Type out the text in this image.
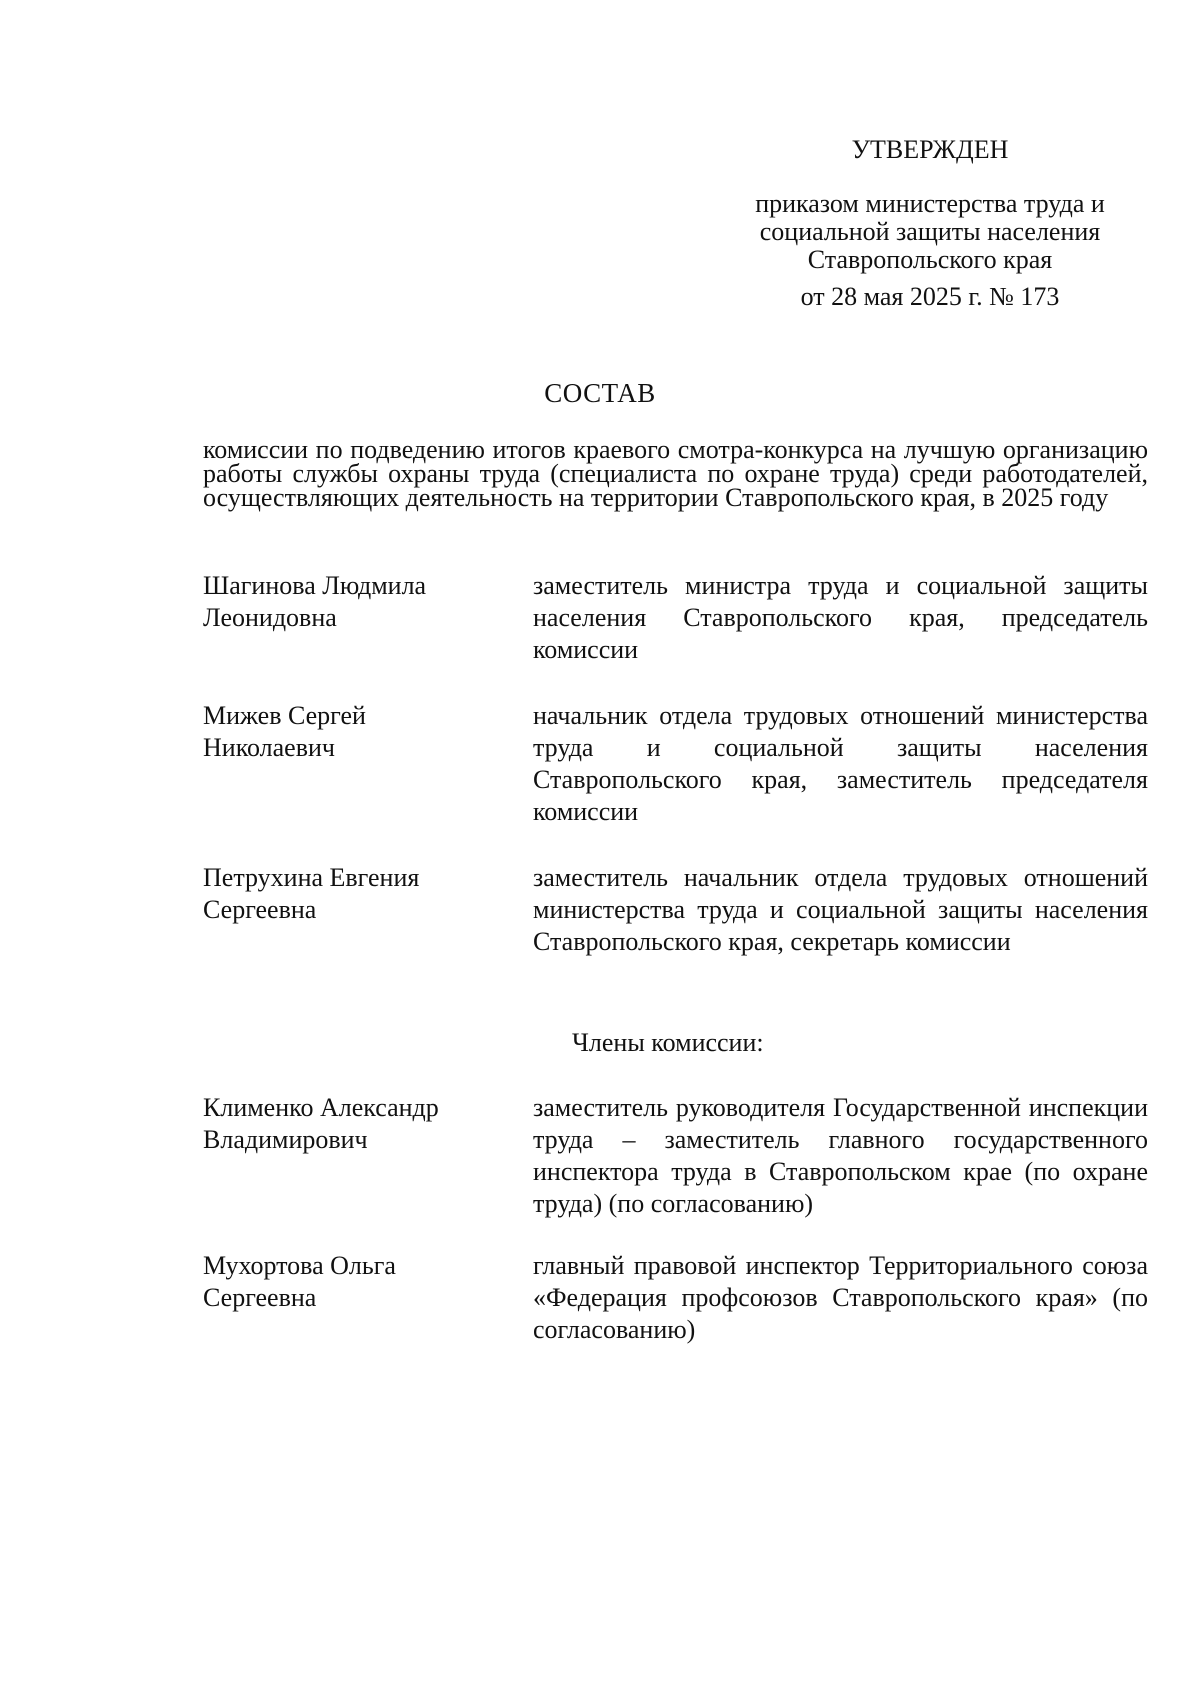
УТВЕРЖДЕН
приказом министерства труда и
социальной защиты населения
Ставропольского края
от 28 мая 2025 г. № 173
СОСТАВ
комиссии по подведению итогов краевого смотра-конкурса на лучшую организацию работы службы охраны труда (специалиста по охране труда) среди работодателей, осуществляющих деятельность на территории Ставропольского края, в 2025 году
Шагинова Людмила
Леонидовна
заместитель министра труда и социальной защиты населения Ставропольского края, председатель комиссии
Мижев Сергей
Николаевич
начальник отдела трудовых отношений министерства труда и социальной защиты населения Ставропольского края, заместитель председателя комиссии
Петрухина Евгения
Сергеевна
заместитель начальник отдела трудовых отношений министерства труда и социальной защиты населения Ставропольского края, секретарь комиссии
Члены комиссии:
Клименко Александр
Владимирович
заместитель руководителя Государственной инспекции труда – заместитель главного государственного инспектора труда в Ставропольском крае (по охране труда) (по согласованию)
Мухортова Ольга
Сергеевна
главный правовой инспектор Территориального союза «Федерация профсоюзов Ставропольского края» (по согласованию)
